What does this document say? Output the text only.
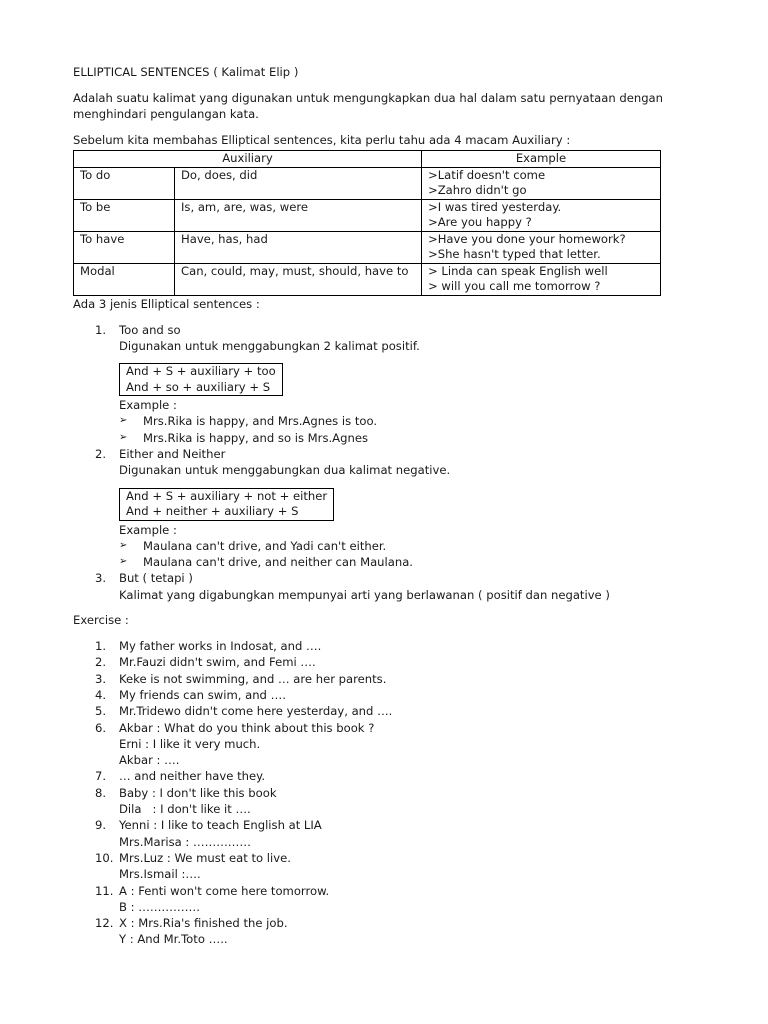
ELLIPTICAL SENTENCES ( Kalimat Elip )

Adalah suatu kalimat yang digunakan untuk mengungkapkan dua hal dalam satu pernyataan dengan menghindari pengulangan kata.

Sebelum kita membahas Elliptical sentences, kita perlu tahu ada 4 macam Auxiliary :

Auxiliary		Example
To do	Do, does, did	>Latif doesn't come
>Zahro didn't go

To be	Is, am, are, was, were	>I was tired yesterday.
>Are you happy ?

To have	Have, has, had	>Have you done your homework?
>She hasn't typed that letter.

Modal	Can, could, may, must, should, have to	> Linda can speak English well
> will you call me tomorrow ?

Ada 3 jenis Elliptical sentences :

1. Too and so
Digunakan untuk menggabungkan 2 kalimat positif.
And + S + auxiliary + too
And + so + auxiliary + S
Example :
➢ Mrs.Rika is happy, and Mrs.Agnes is too.
➢ Mrs.Rika is happy, and so is Mrs.Agnes
2. Either and Neither
Digunakan untuk menggabungkan dua kalimat negative.
And + S + auxiliary + not + either
And + neither + auxiliary + S
Example :
➢ Maulana can't drive, and Yadi can't either.
➢ Maulana can't drive, and neither can Maulana.
3. But ( tetapi )
Kalimat yang digabungkan mempunyai arti yang berlawanan ( positif dan negative )

Exercise :

1. My father works in Indosat, and ….
2. Mr.Fauzi didn't swim, and Femi ….
3. Keke is not swimming, and … are her parents.
4. My friends can swim, and ….
5. Mr.Tridewo didn't come here yesterday, and ….
6. Akbar : What do you think about this book ?
Erni : I like it very much.
Akbar : ….
7. … and neither have they.
8. Baby : I don't like this book
Dila   : I don't like it ….
9. Yenni : I like to teach English at LIA
Mrs.Marisa : ……………
10. Mrs.Luz : We must eat to live.
Mrs.Ismail :….
11. A : Fenti won't come here tomorrow.
B : …………….
12. X : Mrs.Ria's finished the job.
Y : And Mr.Toto …..
